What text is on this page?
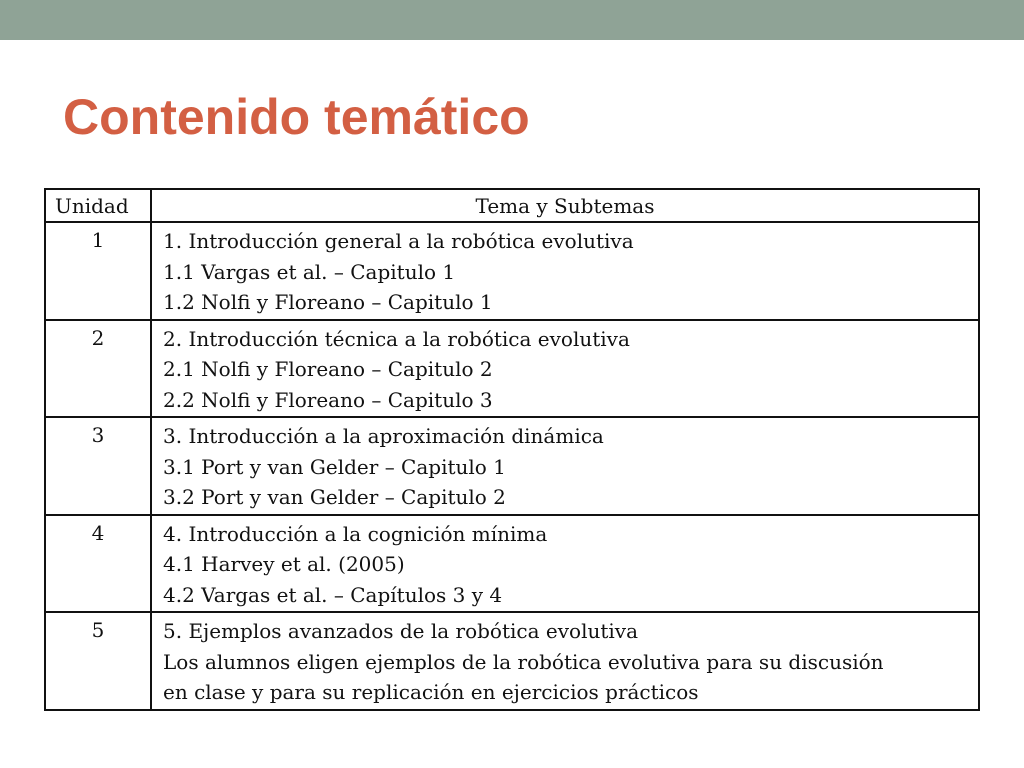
Contenido temático
Unidad	Tema y Subtemas
1	1. Introducción general a la robótica evolutiva
1.1 Vargas et al. – Capitulo 1
1.2 Nolfi y Floreano – Capitulo 1

2	2. Introducción técnica a la robótica evolutiva
2.1 Nolfi y Floreano – Capitulo 2
2.2 Nolfi y Floreano – Capitulo 3

3	3. Introducción a la aproximación dinámica
3.1 Port y van Gelder – Capitulo 1
3.2 Port y van Gelder – Capitulo 2

4	4. Introducción a la cognición mínima
4.1 Harvey et al. (2005)
4.2 Vargas et al. – Capítulos 3 y 4

5	5. Ejemplos avanzados de la robótica evolutiva
Los alumnos eligen ejemplos de la robótica evolutiva para su discusión
en clase y para su replicación en ejercicios prácticos
